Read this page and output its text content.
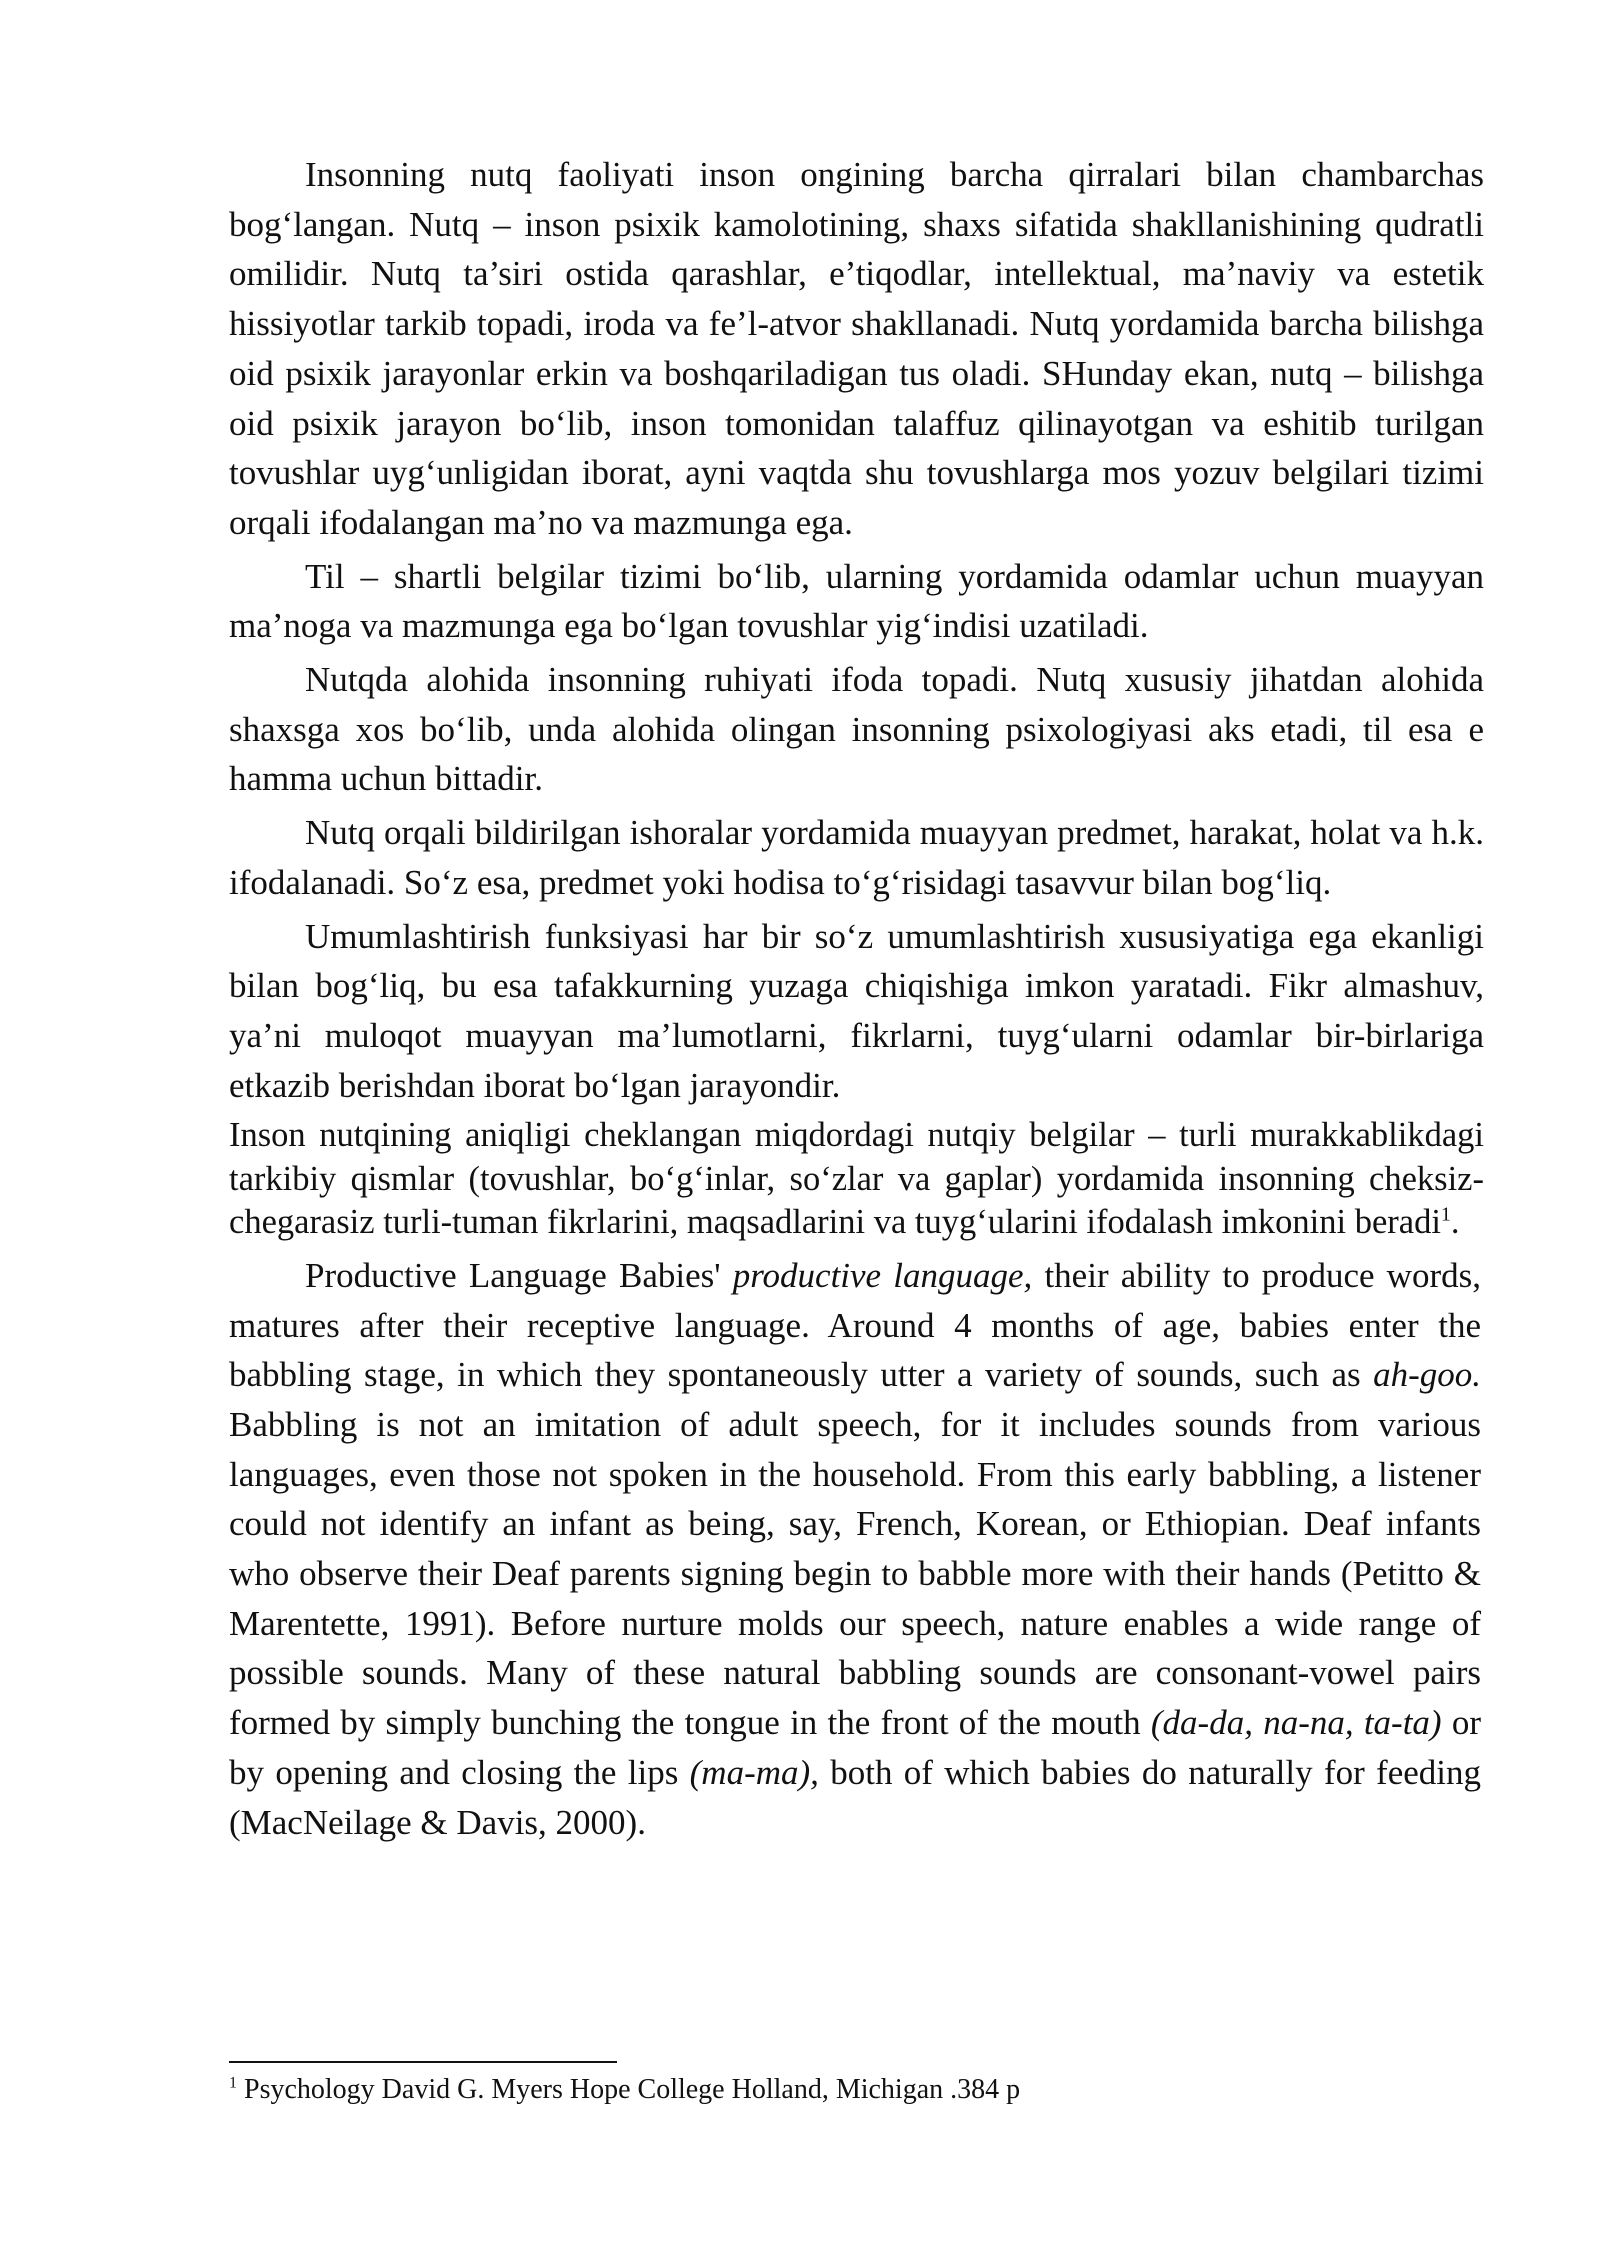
Insonning nutq faoliyati inson ongining barcha qirralari bilan chambarchas bog‘langan. Nutq – inson psixik kamolotining, shaxs sifatida shakllanishining qudratli omilidir. Nutq ta’siri ostida qarashlar, e’tiqodlar, intellektual, ma’naviy va estetik hissiyotlar tarkib topadi, iroda va fe’l-atvor shakllanadi. Nutq yordamida barcha bilishga oid psixik jarayonlar erkin va boshqariladigan tus oladi. SHunday ekan, nutq – bilishga oid psixik jarayon bo‘lib, inson tomonidan talaffuz qilinayotgan va eshitib turilgan tovushlar uyg‘unligidan iborat, ayni vaqtda shu tovushlarga mos yozuv belgilari tizimi orqali ifodalangan ma’no va mazmunga ega.

Til – shartli belgilar tizimi bo‘lib, ularning yordamida odamlar uchun muayyan ma’noga va mazmunga ega bo‘lgan tovushlar yig‘indisi uzatiladi.

Nutqda alohida insonning ruhiyati ifoda topadi. Nutq xususiy jihatdan alohida shaxsga xos bo‘lib, unda alohida olingan insonning psixologiyasi aks etadi, til esa e hamma uchun bittadir.

Nutq orqali bildirilgan ishoralar yordamida muayyan predmet, harakat, holat va h.k. ifodalanadi. So‘z esa, predmet yoki hodisa to‘g‘risidagi tasavvur bilan bog‘liq.

Umumlashtirish funksiyasi har bir so‘z umumlashtirish xususiyatiga ega ekanligi bilan bog‘liq, bu esa tafakkurning yuzaga chiqishiga imkon yaratadi. Fikr almashuv, ya’ni muloqot muayyan ma’lumotlarni, fikrlarni, tuyg‘ularni odamlar bir-birlariga etkazib berishdan iborat bo‘lgan jarayondir.

Inson nutqining aniqligi cheklangan miqdordagi nutqiy belgilar – turli murakkablikdagi tarkibiy qismlar (tovushlar, bo‘g‘inlar, so‘zlar va gaplar) yordamida insonning cheksiz-chegarasiz turli-tuman fikrlarini, maqsadlarini va tuyg‘ularini ifodalash imkonini beradi$^1$.

Productive Language Babies' productive language, their ability to produce words, matures after their receptive language. Around 4 months of age, babies enter the babbling stage, in which they spontaneously utter a variety of sounds, such as ah-goo. Babbling is not an imitation of adult speech, for it includes sounds from various languages, even those not spoken in the household. From this early babbling, a listener could not identify an infant as being, say, French, Korean, or Ethiopian. Deaf infants who observe their Deaf parents signing begin to babble more with their hands (Petitto & Marentette, 1991). Before nurture molds our speech, nature enables a wide range of possible sounds. Many of these natural babbling sounds are consonant-vowel pairs formed by simply bunching the tongue in the front of the mouth (da-da, na-na, ta-ta) or by opening and closing the lips (ma-ma), both of which babies do naturally for feeding (MacNeilage & Davis, 2000).

$^1$ Psychology David G. Myers Hope College Holland, Michigan .384 p
